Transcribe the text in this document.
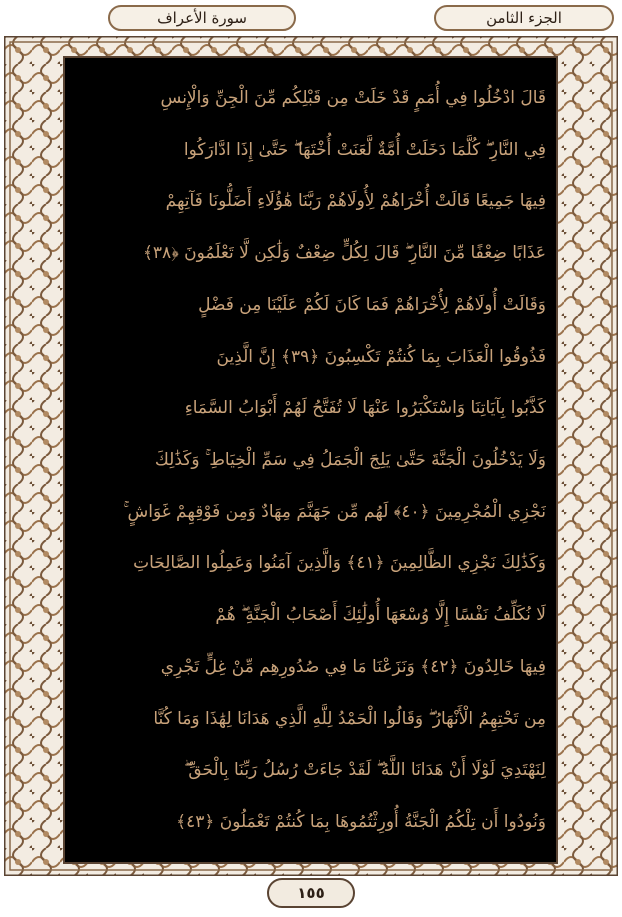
الجزء الثامن
سورة الأعراف
قَالَ ادْخُلُوا فِي أُمَمٍ قَدْ خَلَتْ مِن قَبْلِكُم مِّنَ الْجِنِّ وَالْإِنسِ
فِي النَّارِ ۖ كُلَّمَا دَخَلَتْ أُمَّةٌ لَّعَنَتْ أُخْتَهَا ۖ حَتَّىٰ إِذَا ادَّارَكُوا
فِيهَا جَمِيعًا قَالَتْ أُخْرَاهُمْ لِأُولَاهُمْ رَبَّنَا هَٰؤُلَاءِ أَضَلُّونَا فَآتِهِمْ
عَذَابًا ضِعْفًا مِّنَ النَّارِ ۖ قَالَ لِكُلٍّ ضِعْفٌ وَلَٰكِن لَّا تَعْلَمُونَ ﴿٣٨﴾
وَقَالَتْ أُولَاهُمْ لِأُخْرَاهُمْ فَمَا كَانَ لَكُمْ عَلَيْنَا مِن فَضْلٍ
فَذُوقُوا الْعَذَابَ بِمَا كُنتُمْ تَكْسِبُونَ ﴿٣٩﴾ إِنَّ الَّذِينَ
كَذَّبُوا بِآيَاتِنَا وَاسْتَكْبَرُوا عَنْهَا لَا تُفَتَّحُ لَهُمْ أَبْوَابُ السَّمَاءِ
وَلَا يَدْخُلُونَ الْجَنَّةَ حَتَّىٰ يَلِجَ الْجَمَلُ فِي سَمِّ الْخِيَاطِ ۚ وَكَذَٰلِكَ
نَجْزِي الْمُجْرِمِينَ ﴿٤٠﴾ لَهُم مِّن جَهَنَّمَ مِهَادٌ وَمِن فَوْقِهِمْ غَوَاشٍ ۚ
وَكَذَٰلِكَ نَجْزِي الظَّالِمِينَ ﴿٤١﴾ وَالَّذِينَ آمَنُوا وَعَمِلُوا الصَّالِحَاتِ
لَا نُكَلِّفُ نَفْسًا إِلَّا وُسْعَهَا أُولَٰئِكَ أَصْحَابُ الْجَنَّةِ ۖ هُمْ
فِيهَا خَالِدُونَ ﴿٤٢﴾ وَنَزَعْنَا مَا فِي صُدُورِهِم مِّنْ غِلٍّ تَجْرِي
مِن تَحْتِهِمُ الْأَنْهَارُ ۖ وَقَالُوا الْحَمْدُ لِلَّهِ الَّذِي هَدَانَا لِهَٰذَا وَمَا كُنَّا
لِنَهْتَدِيَ لَوْلَا أَنْ هَدَانَا اللَّهُ ۖ لَقَدْ جَاءَتْ رُسُلُ رَبِّنَا بِالْحَقِّ ۖ
وَنُودُوا أَن تِلْكُمُ الْجَنَّةُ أُورِثْتُمُوهَا بِمَا كُنتُمْ تَعْمَلُونَ ﴿٤٣﴾
١٥٥
